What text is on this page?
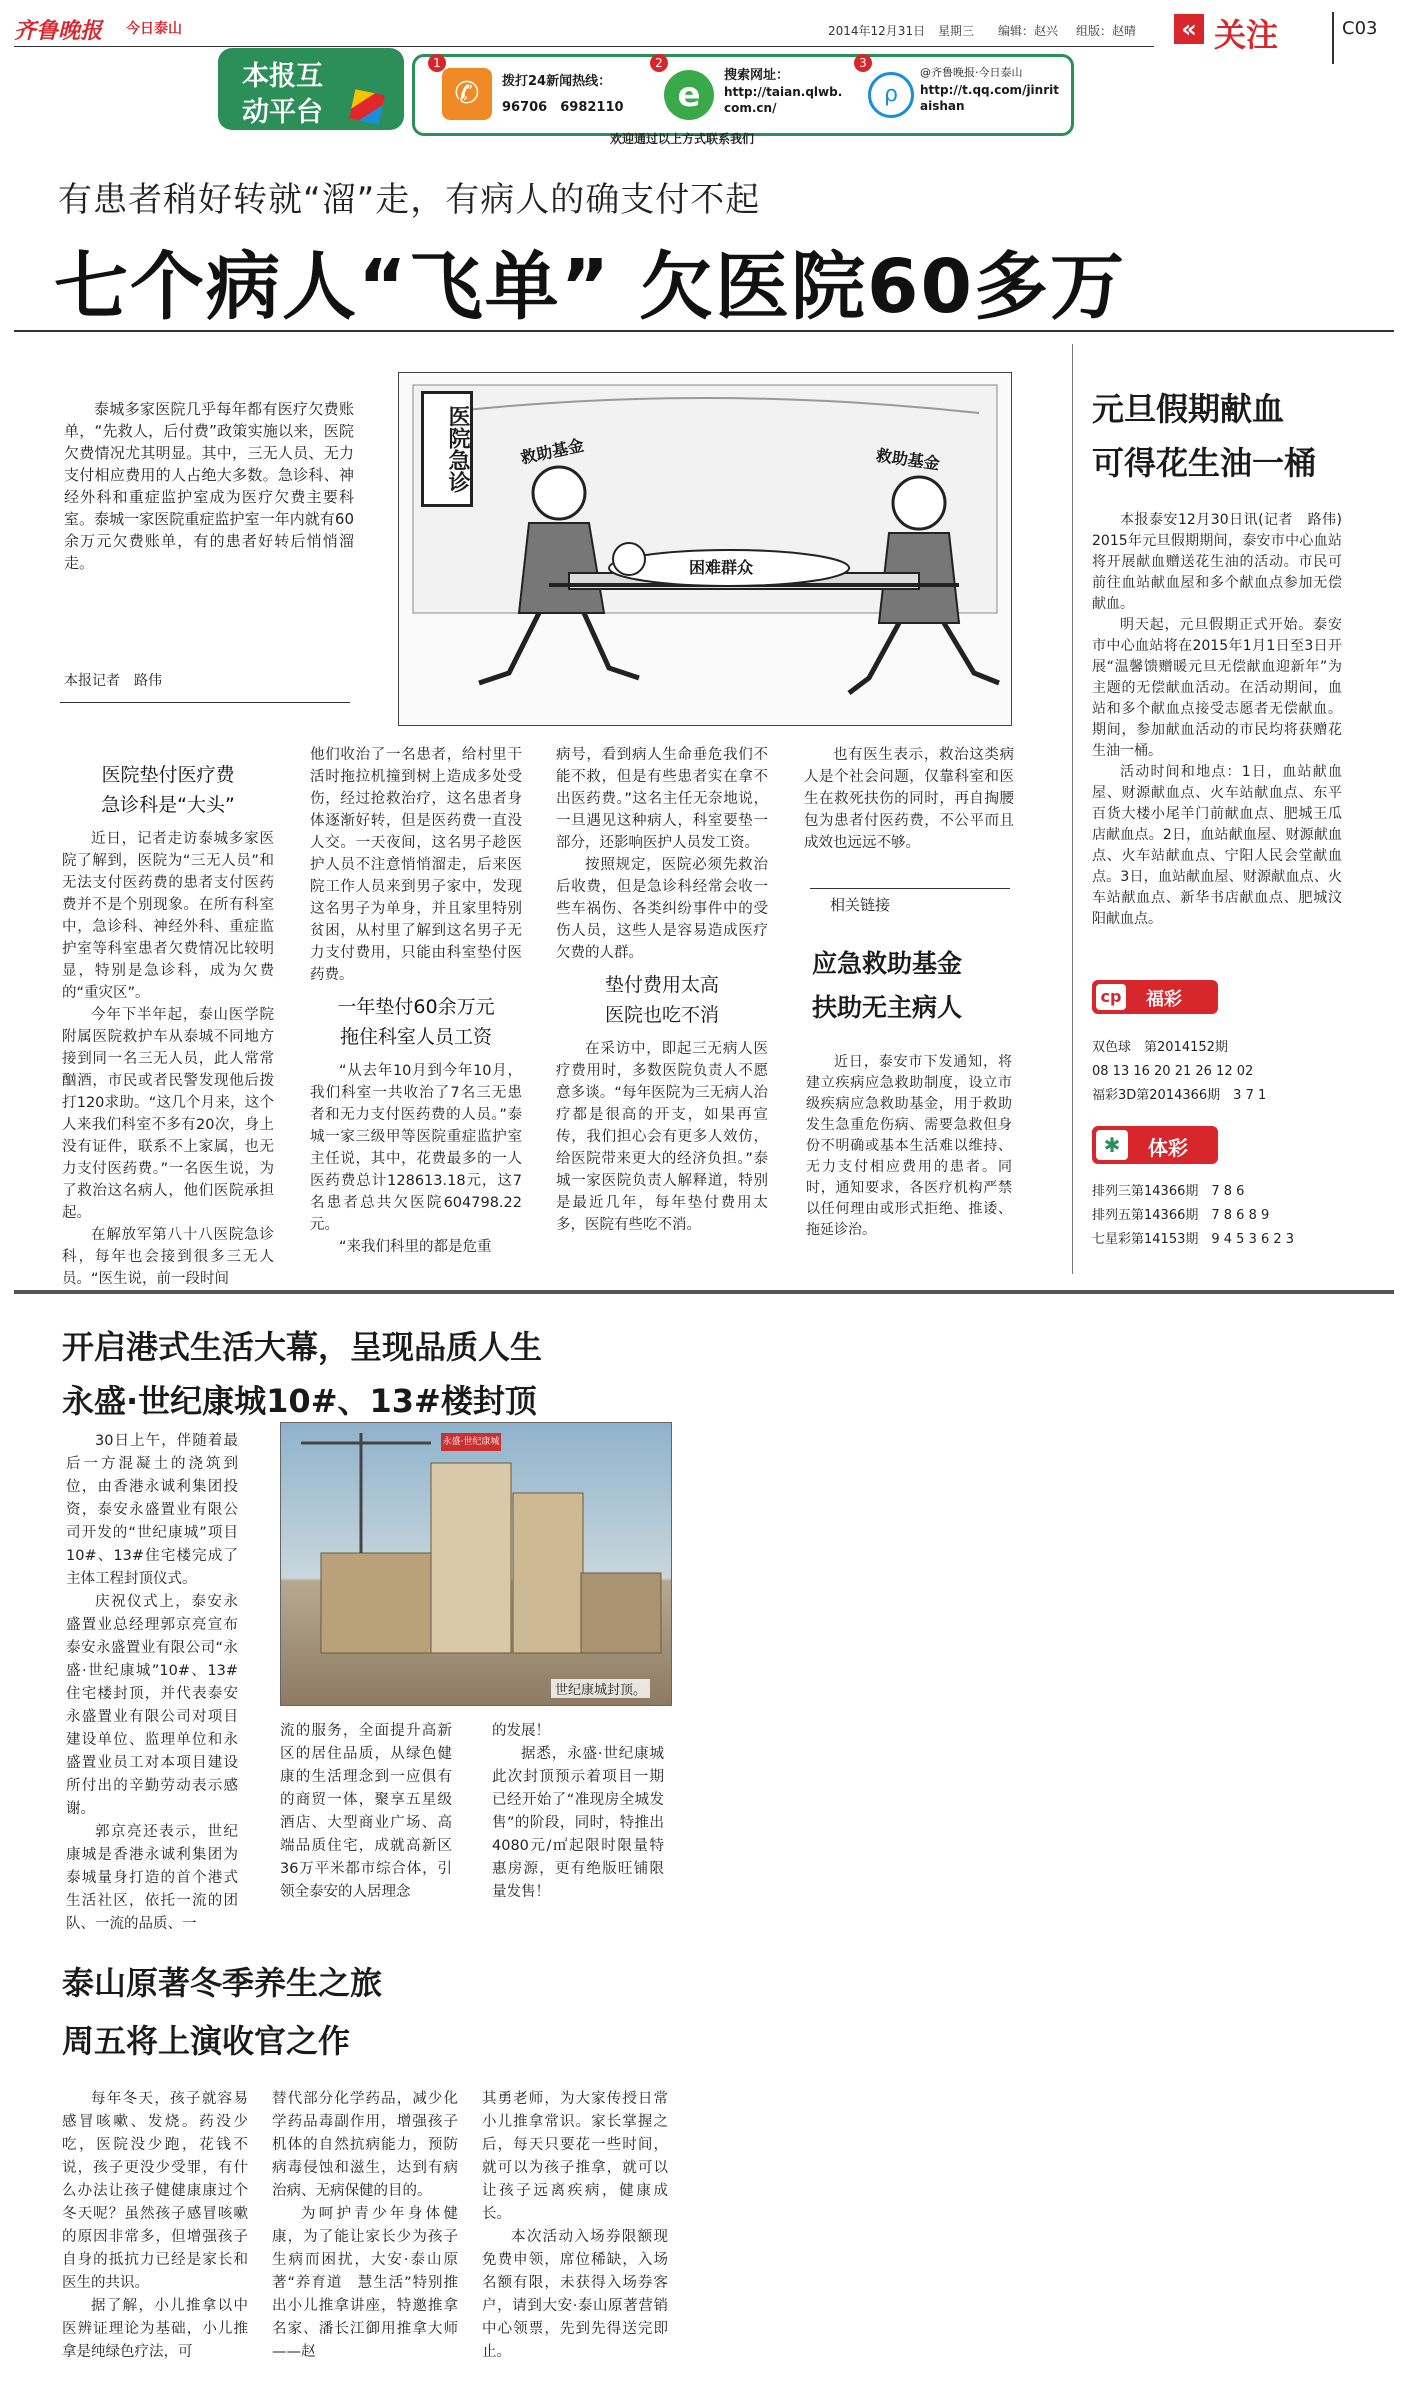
齐鲁晚报 今日泰山	2014年12月31日 星期三 编辑：赵兴 组版：赵晴	« 关注	C03
本报互
动平台
1
✆	拨打24新闻热线：
96706　6982110
2
e	搜索网址：
http://taian.qlwb.com.cn/
3
ρ
@齐鲁晚报·今日泰山
http://t.qq.com/jinritaishan
欢迎通过以上方式联系我们
有患者稍好转就“溜”走，有病人的确支付不起
七个病人“飞单” 欠医院60多万

泰城多家医院几乎每年都有医疗欠费账单，“先救人，后付费”政策实施以来，医院欠费情况尤其明显。其中，三无人员、无力支付相应费用的人占绝大多数。急诊科、神经外科和重症监护室成为医疗欠费主要科室。泰城一家医院重症监护室一年内就有60余万元欠费账单，有的患者好转后悄悄溜走。

本报记者　路伟
医院急诊	救助基金	救助基金
困难群众
医院垫付医疗费
急诊科是“大头”

近日，记者走访泰城多家医院了解到，医院为“三无人员”和无法支付医药费的患者支付医药费并不是个别现象。在所有科室中，急诊科、神经外科、重症监护室等科室患者欠费情况比较明显，特别是急诊科，成为欠费的“重灾区”。

今年下半年起，泰山医学院附属医院救护车从泰城不同地方接到同一名三无人员，此人常常酗酒，市民或者民警发现他后拨打120求助。“这几个月来，这个人来我们科室不多有20次，身上没有证件，联系不上家属，也无力支付医药费。”一名医生说，为了救治这名病人，他们医院承担起。

在解放军第八十八医院急诊科，每年也会接到很多三无人员。“医生说，前一段时间

他们收治了一名患者，给村里干活时拖拉机撞到树上造成多处受伤，经过抢救治疗，这名患者身体逐渐好转，但是医药费一直没人交。一天夜间，这名男子趁医护人员不注意悄悄溜走，后来医院工作人员来到男子家中，发现这名男子为单身，并且家里特别贫困，从村里了解到这名男子无力支付费用，只能由科室垫付医药费。

一年垫付60余万元
拖住科室人员工资

“从去年10月到今年10月，我们科室一共收治了7名三无患者和无力支付医药费的人员。”泰城一家三级甲等医院重症监护室主任说，其中，花费最多的一人医药费总计128613.18元，这7名患者总共欠医院604798.22元。

“来我们科里的都是危重

病号，看到病人生命垂危我们不能不救，但是有些患者实在拿不出医药费。”这名主任无奈地说，一旦遇见这种病人，科室要垫一部分，还影响医护人员发工资。

按照规定，医院必须先救治后收费，但是急诊科经常会收一些车祸伤、各类纠纷事件中的受伤人员，这些人是容易造成医疗欠费的人群。

垫付费用太高
医院也吃不消

在采访中，即起三无病人医疗费用时，多数医院负责人不愿意多谈。“每年医院为三无病人治疗都是很高的开支，如果再宣传，我们担心会有更多人效仿，给医院带来更大的经济负担。”泰城一家医院负责人解释道，特别是最近几年，每年垫付费用太多，医院有些吃不消。

也有医生表示，救治这类病人是个社会问题，仅靠科室和医生在救死扶伤的同时，再自掏腰包为患者付医药费，不公平而且成效也远远不够。

相关链接
应急救助基金
扶助无主病人

近日，泰安市下发通知，将建立疾病应急救助制度，设立市级疾病应急救助基金，用于救助发生急重危伤病、需要急救但身份不明确或基本生活难以维持、无力支付相应费用的患者。同时，通知要求，各医疗机构严禁以任何理由或形式拒绝、推诿、拖延诊治。

元旦假期献血
可得花生油一桶

本报泰安12月30日讯(记者　路伟)　2015年元旦假期期间，泰安市中心血站将开展献血赠送花生油的活动。市民可前往血站献血屋和多个献血点参加无偿献血。

明天起，元旦假期正式开始。泰安市中心血站将在2015年1月1日至3日开展“温馨馈赠暖元旦无偿献血迎新年”为主题的无偿献血活动。在活动期间，血站和多个献血点接受志愿者无偿献血。期间，参加献血活动的市民均将获赠花生油一桶。

活动时间和地点：1日，血站献血屋、财源献血点、火车站献血点、东平百货大楼小尾羊门前献血点、肥城王瓜店献血点。2日，血站献血屋、财源献血点、火车站献血点、宁阳人民会堂献血点。3日，血站献血屋、财源献血点、火车站献血点、新华书店献血点、肥城汶阳献血点。

cp 福彩
双色球　第2014152期
08 13 16 20 21 26 12 02
福彩3D第2014366期　3 7 1
✱	体彩
排列三第14366期　7 8 6
排列五第14366期　7 8 6 8 9
七星彩第14153期　9 4 5 3 6 2 3
开启港式生活大幕，呈现品质人生
永盛·世纪康城10#、13#楼封顶

30日上午，伴随着最后一方混凝土的浇筑到位，由香港永诚利集团投资，泰安永盛置业有限公司开发的“世纪康城”项目10#、13#住宅楼完成了主体工程封顶仪式。

庆祝仪式上，泰安永盛置业总经理郭京亮宣布泰安永盛置业有限公司“永盛·世纪康城”10#、13#住宅楼封顶，并代表泰安永盛置业有限公司对项目建设单位、监理单位和永盛置业员工对本项目建设所付出的辛勤劳动表示感谢。

郭京亮还表示，世纪康城是香港永诚利集团为泰城量身打造的首个港式生活社区，依托一流的团队、一流的品质、一

永盛·世纪康城
世纪康城封顶。

流的服务，全面提升高新区的居住品质，从绿色健康的生活理念到一应俱有的商贸一体，聚享五星级酒店、大型商业广场、高端品质住宅，成就高新区36万平米都市综合体，引领全泰安的人居理念

的发展！

据悉，永盛·世纪康城此次封顶预示着项目一期已经开始了“准现房全城发售”的阶段，同时，特推出4080元/㎡起限时限量特惠房源，更有绝版旺铺限量发售！

泰山原著冬季养生之旅
周五将上演收官之作

每年冬天，孩子就容易感冒咳嗽、发烧。药没少吃，医院没少跑，花钱不说，孩子更没少受罪，有什么办法让孩子健健康康过个冬天呢？虽然孩子感冒咳嗽的原因非常多，但增强孩子自身的抵抗力已经是家长和医生的共识。

据了解，小儿推拿以中医辨证理论为基础，小儿推拿是纯绿色疗法，可

替代部分化学药品，减少化学药品毒副作用，增强孩子机体的自然抗病能力，预防病毒侵蚀和滋生，达到有病治病、无病保健的目的。

为呵护青少年身体健康，为了能让家长少为孩子生病而困扰，大安·泰山原著“养育道　慧生活”特别推出小儿推拿讲座，特邀推拿名家、潘长江御用推拿大师——赵

其勇老师，为大家传授日常小儿推拿常识。家长掌握之后，每天只要花一些时间，就可以为孩子推拿，就可以让孩子远离疾病，健康成长。

本次活动入场券限额现免费申领，席位稀缺，入场名额有限，未获得入场券客户，请到大安·泰山原著营销中心领票，先到先得送完即止。
